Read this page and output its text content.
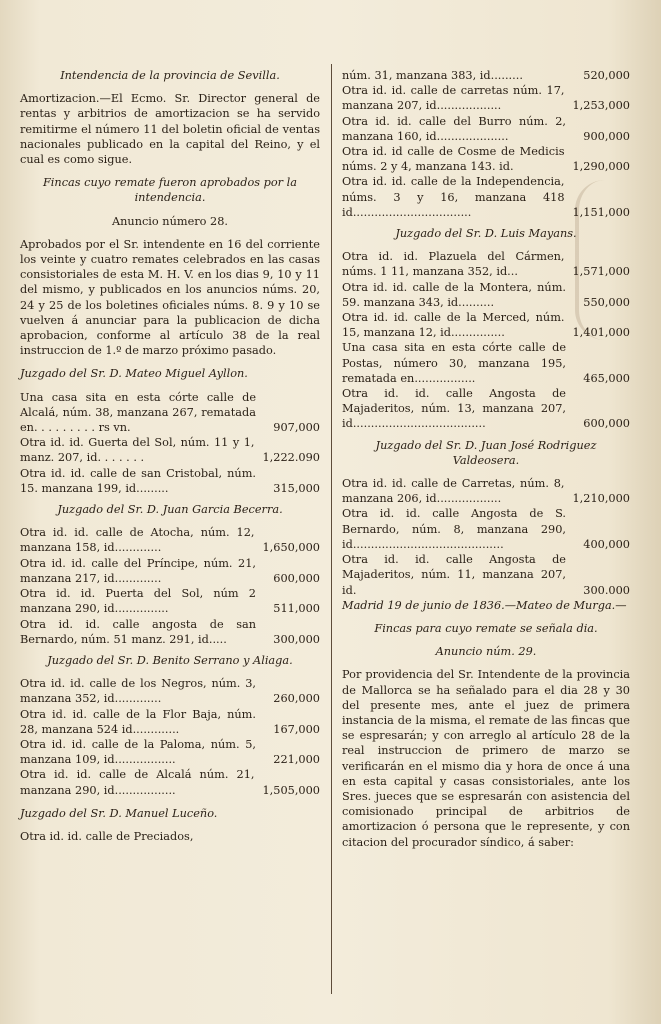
Intendencia de la provincia de Sevilla.

Amortizacion.—El Ecmo. Sr. Director general de rentas y arbitrios de amortizacion se ha servido remitirme el número 11 del boletin oficial de ventas nacionales publicado en la capital del Reino, y el cual es como sigue.

Fincas cuyo remate fueron aprobados por la intendencia.
Anuncio número 28.

Aprobados por el Sr. intendente en 16 del corriente los veinte y cuatro remates celebrados en las casas consistoriales de esta M. H. V. en los dias 9, 10 y 11 del mismo, y publicados en los anuncios núms. 20, 24 y 25 de los boletines oficiales núms. 8. 9 y 10 se vuelven á anunciar para la publicacion de dicha aprobacion, conforme al artículo 38 de la real instruccion de 1.º de marzo próximo pasado.

Juzgado del Sr. D. Mateo Miguel Ayllon.
Una casa sita en esta córte calle de Alcalá, núm. 38, manzana 267, rematada en. . . . . . . . . rs vn.	907,000
Otra id. id. Guerta del Sol, núm. 11 y 1, manz. 207, id. . . . . . .	1,222.090
Otra id. id. calle de san Cristobal, núm. 15. manzana 199, id.........	315,000
Juzgado del Sr. D. Juan Garcia Becerra.
Otra id. id. calle de Atocha, núm. 12, manzana 158, id.............	1,650,000
Otra id. id. calle del Príncipe, núm. 21, manzana 217, id.............	600,000
Otra id. id. Puerta del Sol, núm 2 manzana 290, id...............	511,000
Otra id. id. calle angosta de san Bernardo, núm. 51 manz. 291, id.....	300,000
Juzgado del Sr. D. Benito Serrano y Aliaga.
Otra id. id. calle de los Negros, núm. 3, manzana 352, id.............	260,000
Otra id. id. calle de la Flor Baja, núm. 28, manzana 524 id.............	167,000
Otra id. id. calle de la Paloma, núm. 5, manzana 109, id.................	221,000
Otra id. id. calle de Alcalá núm. 21, manzana 290, id.................	1,505,000
Juzgado del Sr. D. Manuel Luceño.
Otra id. id. calle de Preciados,
núm. 31, manzana 383, id.........	520,000
Otra id. id. calle de carretas núm. 17, manzana 207, id..................	1,253,000
Otra id. id. calle del Burro núm. 2, manzana 160, id....................	900,000
Otra id. id calle de Cosme de Medicis núms. 2 y 4, manzana 143. id.	1,290,000
Otra id. id. calle de la Independencia, núms. 3 y 16, manzana 418 id.................................	1,151,000
Juzgado del Sr. D. Luis Mayans.
Otra id. id. Plazuela del Cármen, núms. 1 11, manzana 352, id...	1,571,000
Otra id. id. calle de la Montera, núm. 59. manzana 343, id..........	550,000
Otra id. id. calle de la Merced, núm. 15, manzana 12, id...............	1,401,000
Una casa sita en esta córte calle de Postas, número 30, manzana 195, rematada en.................	465,000
Otra id. id. calle Angosta de Majaderitos, núm. 13, manzana 207, id.....................................	600,000
Juzgado del Sr. D. Juan José Rodriguez Valdeosera.
Otra id. id. calle de Carretas, núm. 8, manzana 206, id..................	1,210,000
Otra id. id. calle Angosta de S. Bernardo, núm. 8, manzana 290, id..........................................	400,000
Otra id. id. calle Angosta de Majaderitos, núm. 11, manzana 207, id.	300.000
Madrid 19 de junio de 1836.—Mateo de Murga.—
Fincas para cuyo remate se señala dia.
Anuncio núm. 29.

Por providencia del Sr. Intendente de la provincia de Mallorca se ha señalado para el dia 28 y 30 del presente mes, ante el juez de primera instancia de la misma, el remate de las fincas que se espresarán; y con arreglo al artículo 28 de la real instruccion de primero de marzo se verificarán en el mismo dia y hora de once á una en esta capital y casas consistoriales, ante los Sres. jueces que se espresarán con asistencia del comisionado principal de arbitrios de amortizacion ó persona que le represente, y con citacion del procurador síndico, á saber:
